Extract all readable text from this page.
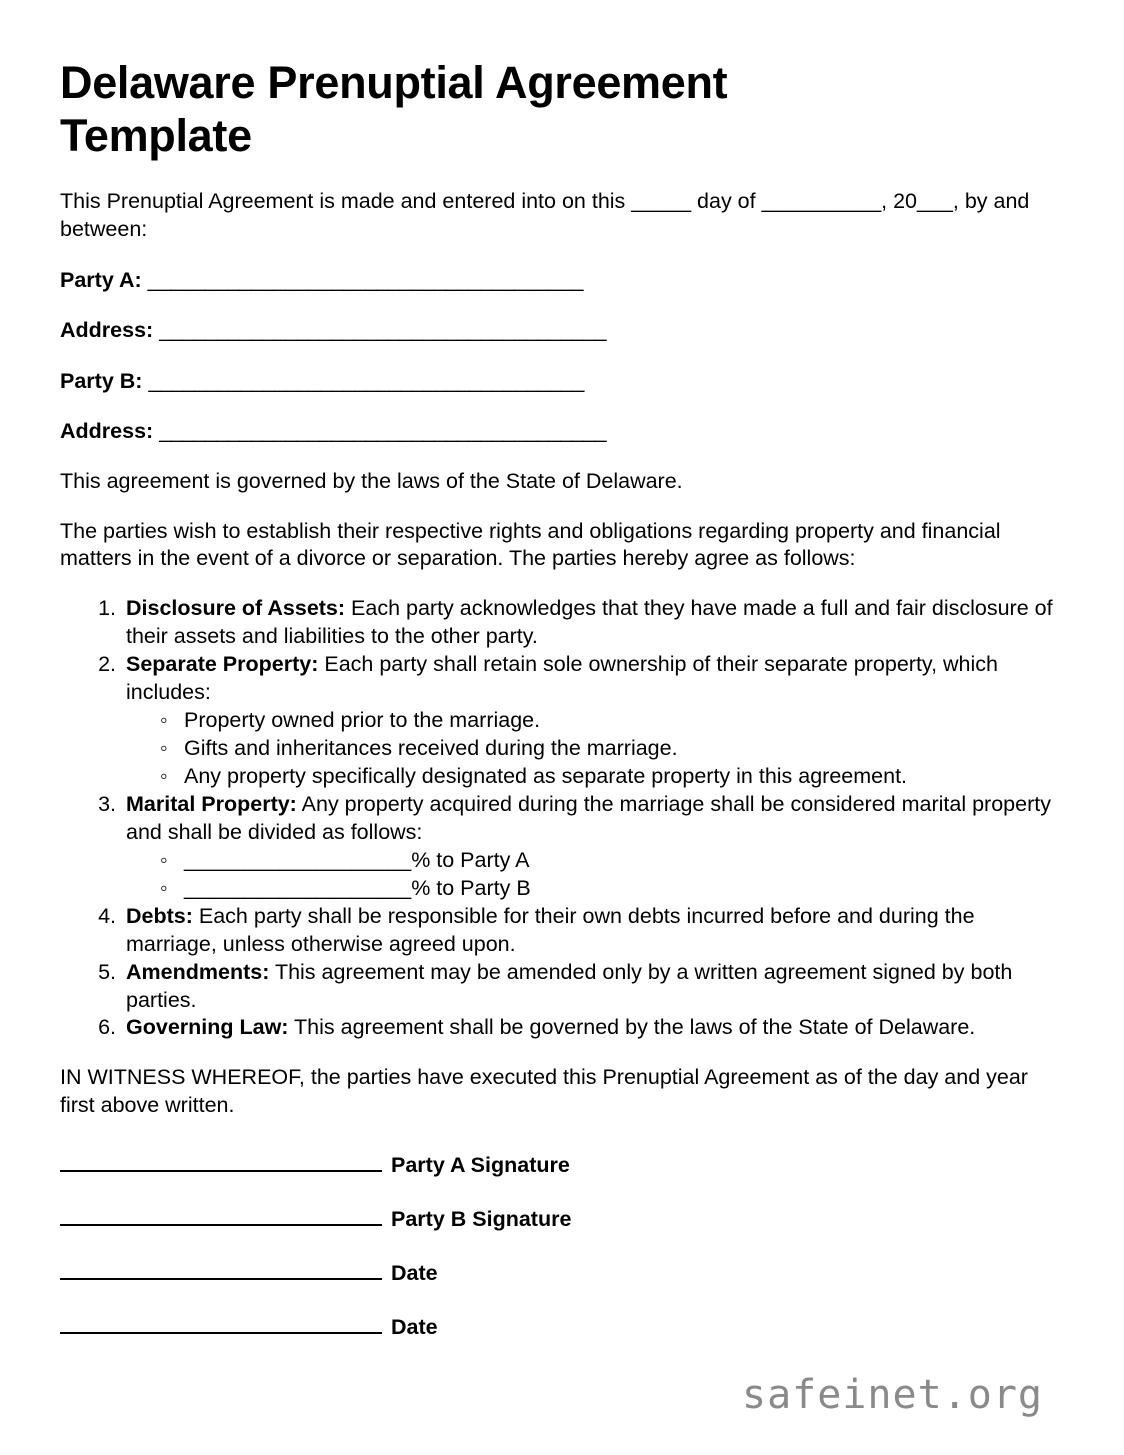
Delaware Prenuptial Agreement Template

This Prenuptial Agreement is made and entered into on this _____ day of __________, 20___, by and between:

Party A: ______________________________________
Address: _______________________________________
Party B: ______________________________________
Address: _______________________________________

This agreement is governed by the laws of the State of Delaware.

The parties wish to establish their respective rights and obligations regarding property and financial matters in the event of a divorce or separation. The parties hereby agree as follows:

1. Disclosure of Assets: Each party acknowledges that they have made a full and fair disclosure of their assets and liabilities to the other party.
2. Separate Property: Each party shall retain sole ownership of their separate property, which includes:
◦ Property owned prior to the marriage.
◦ Gifts and inheritances received during the marriage.
◦ Any property specifically designated as separate property in this agreement.
3. Marital Property: Any property acquired during the marriage shall be considered marital property and shall be divided as follows:
◦ ___________________% to Party A
◦ ___________________% to Party B
4. Debts: Each party shall be responsible for their own debts incurred before and during the marriage, unless otherwise agreed upon.
5. Amendments: This agreement may be amended only by a written agreement signed by both parties.
6. Governing Law: This agreement shall be governed by the laws of the State of Delaware.

IN WITNESS WHEREOF, the parties have executed this Prenuptial Agreement as of the day and year first above written.

Party A Signature
Party B Signature
Date
Date
safeinet.org
